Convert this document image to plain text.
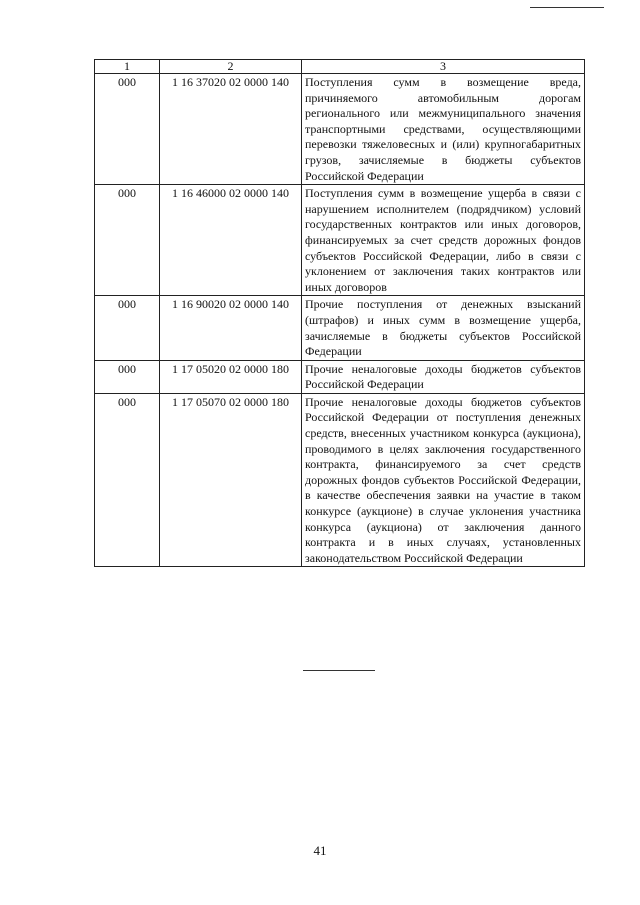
1	2	3
000	1 16 37020 02 0000 140	Поступления сумм в возмещение вреда, причиняемого автомобильным дорогам регионального или межмуниципального значения транспортными средствами, осуществляющими перевозки тяжеловесных и (или) крупногабаритных грузов, зачисляемые в бюджеты субъектов Российской Федерации
000	1 16 46000 02 0000 140	Поступления сумм в возмещение ущерба в связи с нарушением исполнителем (подрядчиком) условий государственных контрактов или иных договоров, финансируемых за счет средств дорожных фондов субъектов Российской Федерации, либо в связи с уклонением от заключения таких контрактов или иных договоров
000	1 16 90020 02 0000 140	Прочие поступления от денежных взысканий (штрафов) и иных сумм в возмещение ущерба, зачисляемые в бюджеты субъектов Российской Федерации
000	1 17 05020 02 0000 180	Прочие неналоговые доходы бюджетов субъектов Российской Федерации
000	1 17 05070 02 0000 180	Прочие неналоговые доходы бюджетов субъектов Российской Федерации от поступления денежных средств, внесенных участником конкурса (аукциона), проводимого в целях заключения государственного контракта, финансируемого за счет средств дорожных фондов субъектов Российской Федерации, в качестве обеспечения заявки на участие в таком конкурсе (аукционе) в случае уклонения участника конкурса (аукциона) от заключения данного контракта и в иных случаях, установленных законодательством Российской Федерации
41
